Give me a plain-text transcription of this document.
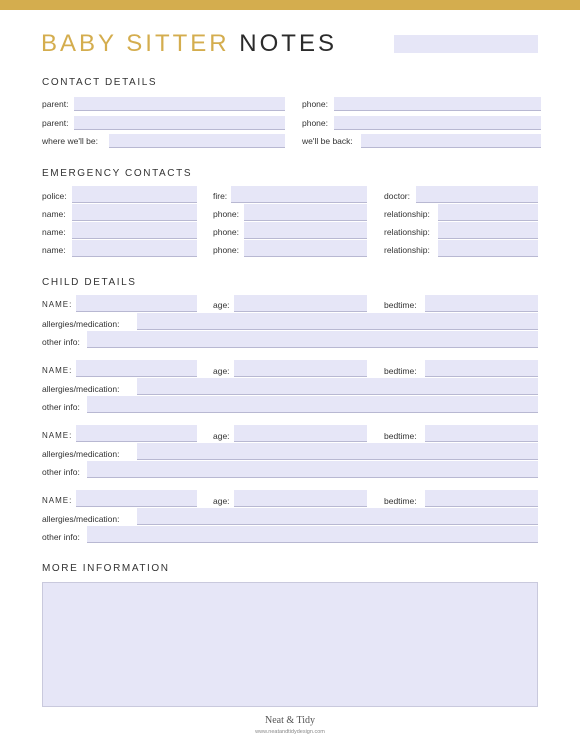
BABY SITTER NOTES
CONTACT DETAILS
parent:	phone:
parent:	phone:
where we'll be:	we'll be back:
EMERGENCY CONTACTS
police:	fire:	doctor:
name:	phone:	relationship:
name:	phone:	relationship:
name:	phone:	relationship:
CHILD DETAILS
NAME:	age:	bedtime:
allergies/medication:
other info:
NAME:	age:	bedtime:
allergies/medication:
other info:
NAME:	age:	bedtime:
allergies/medication:
other info:
NAME:	age:	bedtime:
allergies/medication:
other info:
MORE INFORMATION
Neat & Tidy
www.neatandtidydesign.com
